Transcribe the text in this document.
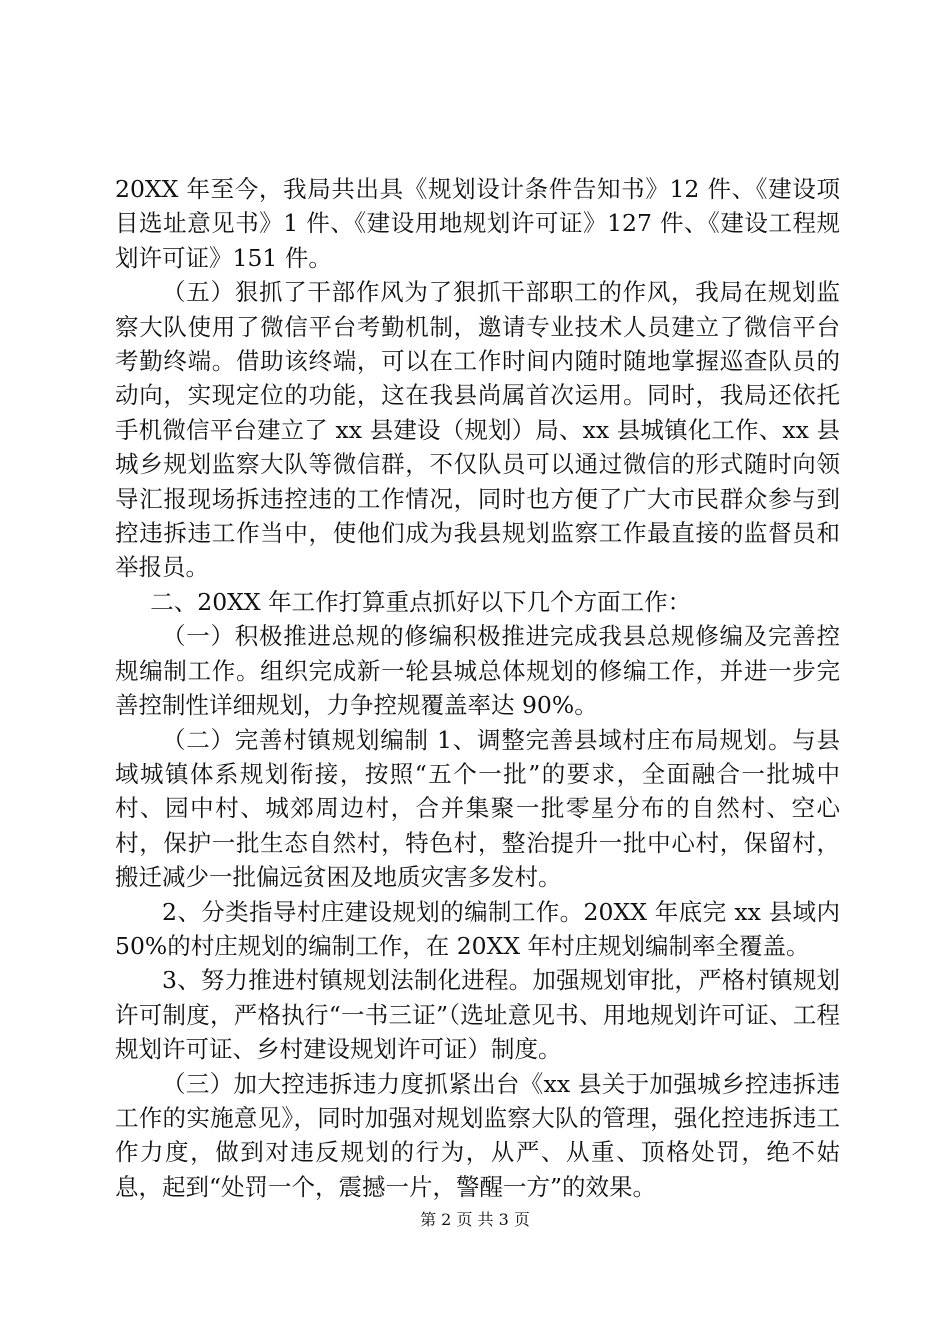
20XX 年至今，我局共出具《规划设计条件告知书》12 件、《建设项目选址意见书》1 件、《建设用地规划许可证》127 件、《建设工程规划许可证》151 件。

（五）狠抓了干部作风为了狠抓干部职工的作风，我局在规划监察大队使用了微信平台考勤机制，邀请专业技术人员建立了微信平台考勤终端。借助该终端，可以在工作时间内随时随地掌握巡查队员的动向，实现定位的功能，这在我县尚属首次运用。同时，我局还依托手机微信平台建立了 xx 县建设（规划）局、xx 县城镇化工作、xx 县城乡规划监察大队等微信群，不仅队员可以通过微信的形式随时向领导汇报现场拆违控违的工作情况，同时也方便了广大市民群众参与到控违拆违工作当中，使他们成为我县规划监察工作最直接的监督员和举报员。

二、20XX 年工作打算重点抓好以下几个方面工作：

（一）积极推进总规的修编积极推进完成我县总规修编及完善控规编制工作。组织完成新一轮县城总体规划的修编工作，并进一步完善控制性详细规划，力争控规覆盖率达 90%。

（二）完善村镇规划编制 1、调整完善县域村庄布局规划。与县域城镇体系规划衔接，按照“五个一批”的要求，全面融合一批城中村、园中村、城郊周边村，合并集聚一批零星分布的自然村、空心村，保护一批生态自然村，特色村，整治提升一批中心村，保留村，搬迁减少一批偏远贫困及地质灾害多发村。

2、分类指导村庄建设规划的编制工作。20XX 年底完 xx 县域内 50%的村庄规划的编制工作，在 20XX 年村庄规划编制率全覆盖。

3、努力推进村镇规划法制化进程。加强规划审批，严格村镇规划许可制度，严格执行“一书三证”（选址意见书、用地规划许可证、工程规划许可证、乡村建设规划许可证）制度。

（三）加大控违拆违力度抓紧出台《xx 县关于加强城乡控违拆违工作的实施意见》，同时加强对规划监察大队的管理，强化控违拆违工作力度，做到对违反规划的行为，从严、从重、顶格处罚，绝不姑息，起到“处罚一个，震撼一片，警醒一方”的效果。

第 2 页 共 3 页
